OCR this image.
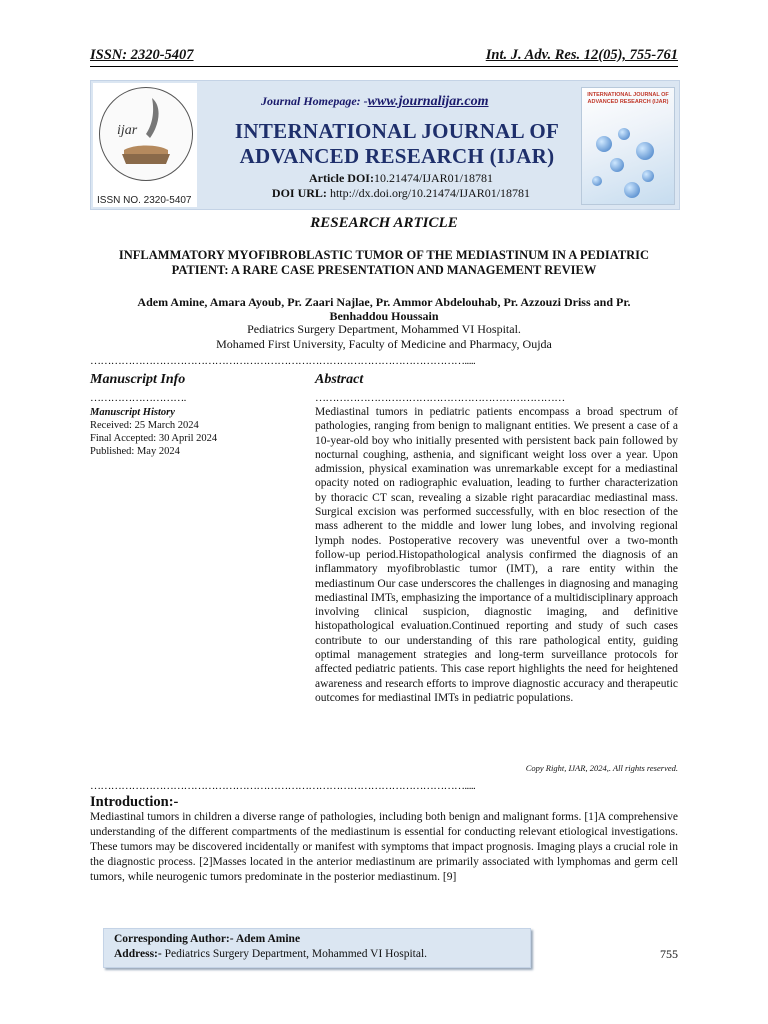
ISSN: 2320-5407	Int. J. Adv. Res. 12(05), 755-761
ijar
ISSN NO. 2320-5407
Journal Homepage: -www.journalijar.com
INTERNATIONAL JOURNAL OF
ADVANCED RESEARCH (IJAR)
Article DOI:10.21474/IJAR01/18781
DOI URL: http://dx.doi.org/10.21474/IJAR01/18781
INTERNATIONAL JOURNAL OF ADVANCED RESEARCH (IJAR)
RESEARCH ARTICLE
INFLAMMATORY MYOFIBROBLASTIC TUMOR OF THE MEDIASTINUM IN A PEDIATRIC
PATIENT: A RARE CASE PRESENTATION AND MANAGEMENT REVIEW
Adem Amine, Amara Ayoub, Pr. Zaari Najlae, Pr. Ammor Abdelouhab, Pr. Azzouzi Driss and Pr.
Benhaddou Houssain
Pediatrics Surgery Department, Mohammed VI Hospital.
Mohamed First University, Faculty of Medicine and Pharmacy, Oujda
……………………………………………………………………………………………….....
Manuscript Info	Abstract
……………………….	………………………………………………………………
Manuscript History
Received: 25 March 2024
Final Accepted: 30 April 2024
Published: May 2024
Mediastinal tumors in pediatric patients encompass a broad spectrum of pathologies, ranging from benign to malignant entities. We present a case of a 10-year-old boy who initially presented with persistent back pain followed by nocturnal coughing, asthenia, and significant weight loss over a year. Upon admission, physical examination was unremarkable except for a mediastinal opacity noted on radiographic evaluation, leading to further characterization by thoracic CT scan, revealing a sizable right paracardiac mediastinal mass. Surgical excision was performed successfully, with en bloc resection of the mass adherent to the middle and lower lung lobes, and involving regional lymph nodes. Postoperative recovery was uneventful over a two-month follow-up period.Histopathological analysis confirmed the diagnosis of an inflammatory myofibroblastic tumor (IMT), a rare entity within the mediastinum Our case underscores the challenges in diagnosing and managing mediastinal IMTs, emphasizing the importance of a multidisciplinary approach involving clinical suspicion, diagnostic imaging, and definitive histopathological evaluation.Continued reporting and study of such cases contribute to our understanding of this rare pathological entity, guiding optimal management strategies and long-term surveillance protocols for affected pediatric patients. This case report highlights the need for heightened awareness and research efforts to improve diagnostic accuracy and therapeutic outcomes for mediastinal IMTs in pediatric populations.
Copy Right, IJAR, 2024,. All rights reserved.
……………………………………………………………………………………………….....
Introduction:-
Mediastinal tumors in children a diverse range of pathologies, including both benign and malignant forms. [1]A comprehensive understanding of the different compartments of the mediastinum is essential for conducting relevant etiological investigations. These tumors may be discovered incidentally or manifest with symptoms that impact prognosis. Imaging plays a crucial role in the diagnostic process. [2]Masses located in the anterior mediastinum are primarily associated with lymphomas and germ cell tumors, while neurogenic tumors predominate in the posterior mediastinum. [9]
Corresponding Author:- Adem Amine
Address:- Pediatrics Surgery Department, Mohammed VI Hospital.	755
